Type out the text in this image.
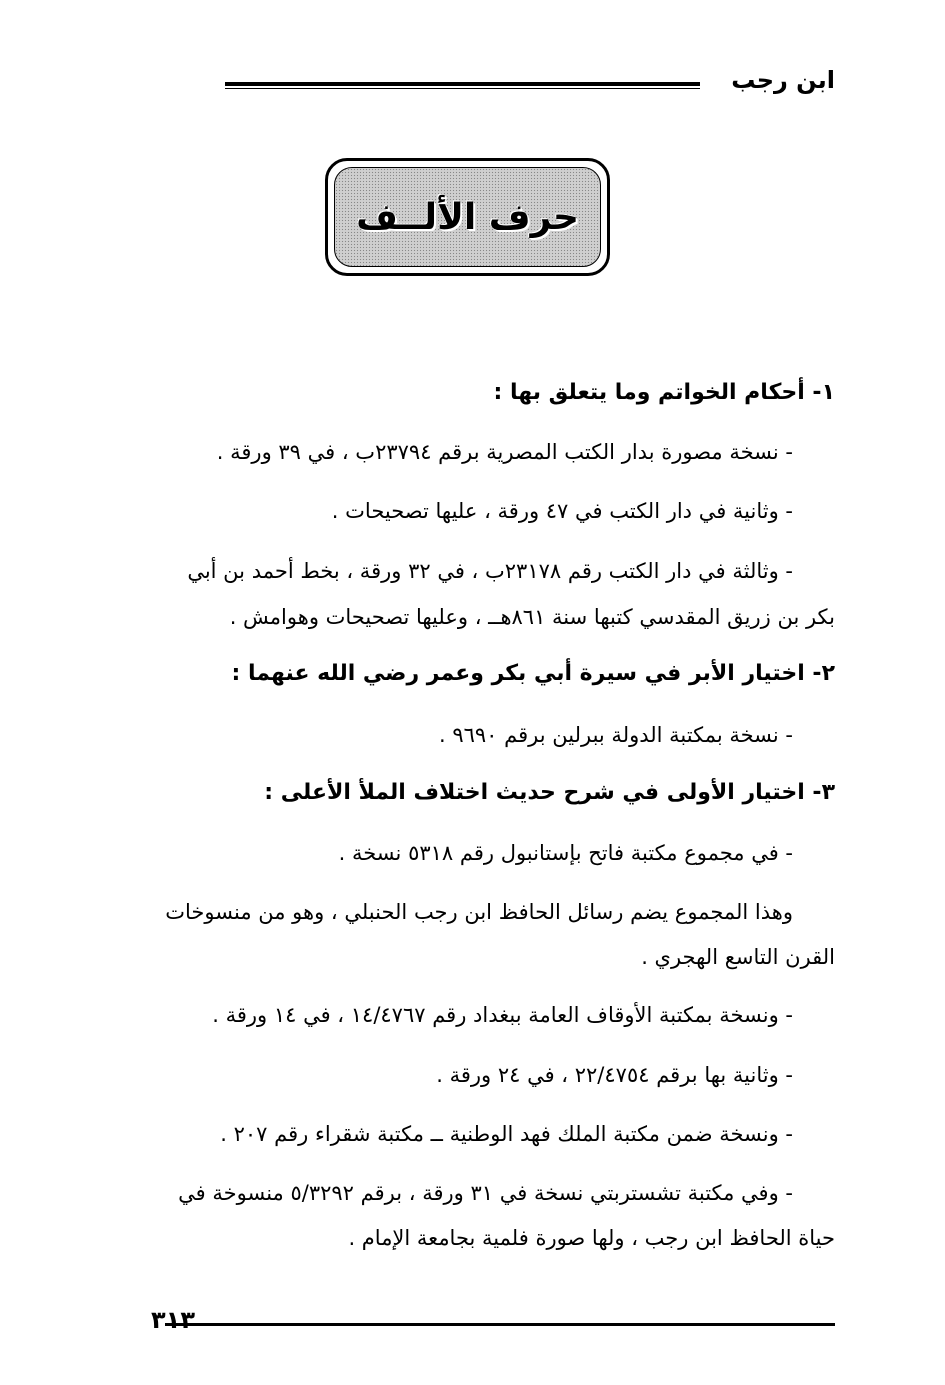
ابن رجب
حرف الألــف
١- أحكام الخواتم وما يتعلق بها :
- نسخة مصورة بدار الكتب المصرية برقم ٢٣٧٩٤ب ، في ٣٩ ورقة .
- وثانية في دار الكتب في ٤٧ ورقة ، عليها تصحيحات .
- وثالثة في دار الكتب رقم ٢٣١٧٨ب ، في ٣٢ ورقة ، بخط أحمد بن أبي
بكر بن زريق المقدسي كتبها سنة ٨٦١هــ ، وعليها تصحيحات وهوامش .
٢- اختيار الأبر في سيرة أبي بكر وعمر رضي الله عنهما :
- نسخة بمكتبة الدولة ببرلين برقم ٩٦٩٠ .
٣- اختيار الأولى في شرح حديث اختلاف الملأ الأعلى :
- في مجموع مكتبة فاتح بإستانبول رقم ٥٣١٨ نسخة .
وهذا المجموع يضم رسائل الحافظ ابن رجب الحنبلي ، وهو من منسوخات
القرن التاسع الهجري .
- ونسخة بمكتبة الأوقاف العامة ببغداد رقم ١٤/٤٧٦٧ ، في ١٤ ورقة .
- وثانية بها برقم ٢٢/٤٧٥٤ ، في ٢٤ ورقة .
- ونسخة ضمن مكتبة الملك فهد الوطنية ــ مكتبة شقراء رقم ٢٠٧ .
- وفي مكتبة تشستربتي نسخة في ٣١ ورقة ، برقم ٥/٣٢٩٢ منسوخة في
حياة الحافظ ابن رجب ، ولها صورة فلمية بجامعة الإمام .
٣١٣
